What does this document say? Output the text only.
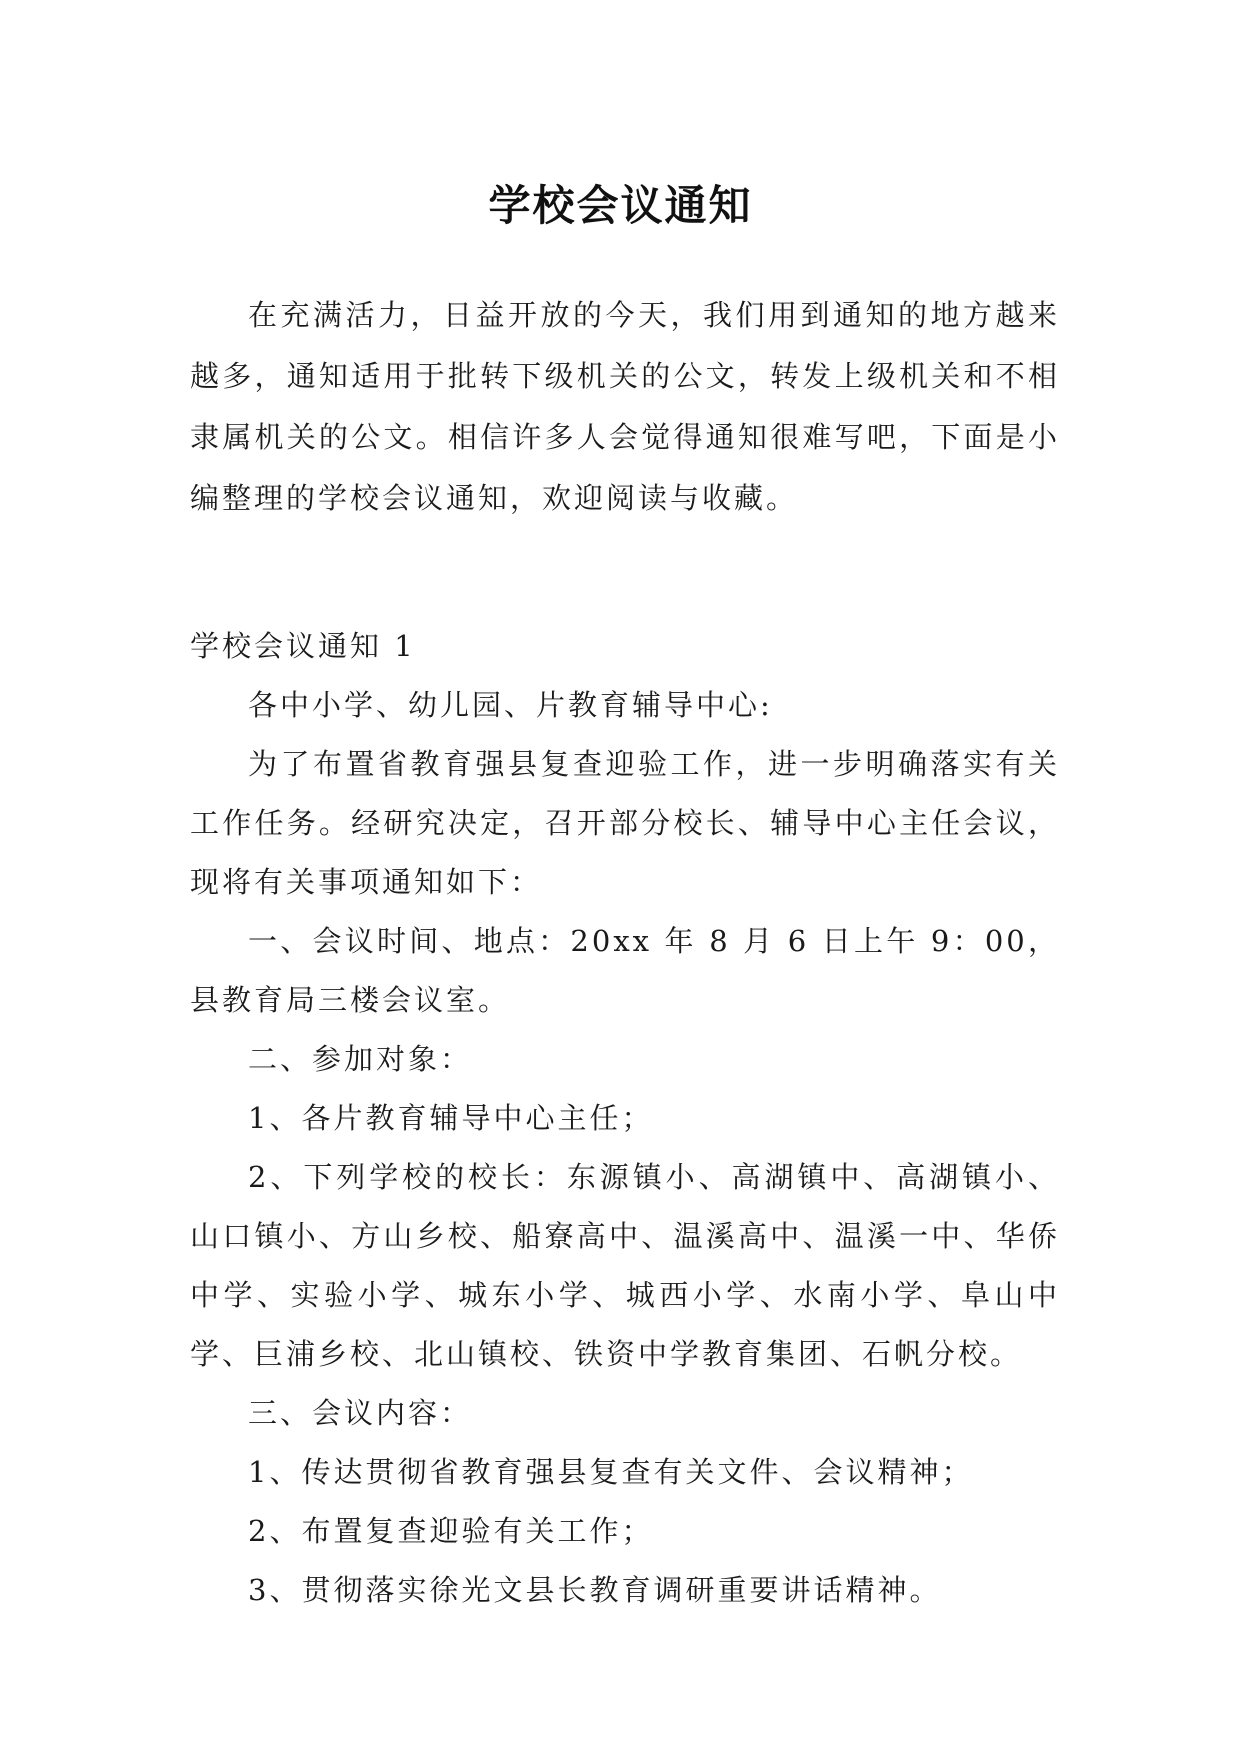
学校会议通知

在充满活力，日益开放的今天，我们用到通知的地方越来越多，通知适用于批转下级机关的公文，转发上级机关和不相隶属机关的公文。相信许多人会觉得通知很难写吧，下面是小编整理的学校会议通知，欢迎阅读与收藏。

学校会议通知 1

各中小学、幼儿园、片教育辅导中心:

为了布置省教育强县复查迎验工作，进一步明确落实有关工作任务。经研究决定，召开部分校长、辅导中心主任会议，现将有关事项通知如下：

一、会议时间、地点：20xx 年 8 月 6 日上午 9：00，县教育局三楼会议室。

二、参加对象：

1、各片教育辅导中心主任；

2、下列学校的校长：东源镇小、高湖镇中、高湖镇小、山口镇小、方山乡校、船寮高中、温溪高中、温溪一中、华侨中学、实验小学、城东小学、城西小学、水南小学、阜山中学、巨浦乡校、北山镇校、铁资中学教育集团、石帆分校。

三、会议内容：

1、传达贯彻省教育强县复查有关文件、会议精神；

2、布置复查迎验有关工作；

3、贯彻落实徐光文县长教育调研重要讲话精神。
